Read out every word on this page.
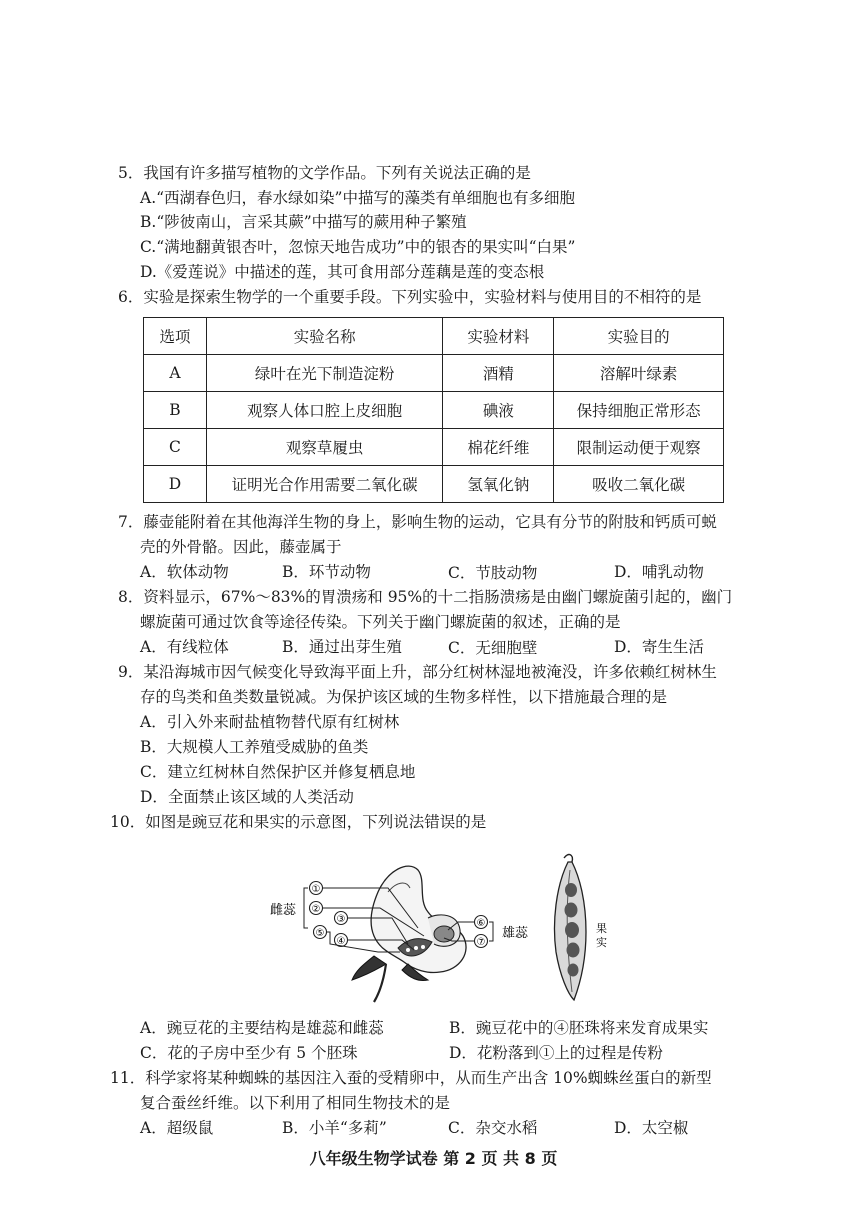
5．我国有许多描写植物的文学作品。下列有关说法正确的是
A.“西湖春色归，春水绿如染”中描写的藻类有单细胞也有多细胞
B.“陟彼南山，言采其蕨”中描写的蕨用种子繁殖
C.“满地翻黄银杏叶，忽惊天地告成功”中的银杏的果实叫“白果”
D.《爱莲说》中描述的莲，其可食用部分莲藕是莲的变态根
6．实验是探索生物学的一个重要手段。下列实验中，实验材料与使用目的不相符的是
选项	实验名称	实验材料	实验目的
A	绿叶在光下制造淀粉	酒精	溶解叶绿素
B	观察人体口腔上皮细胞	碘液	保持细胞正常形态
C	观察草履虫	棉花纤维	限制运动便于观察
D	证明光合作用需要二氧化碳	氢氧化钠	吸收二氧化碳
7．藤壶能附着在其他海洋生物的身上，影响生物的运动，它具有分节的附肢和钙质可蜕
壳的外骨骼。因此，藤壶属于
A．软体动物	B．环节动物	C．节肢动物	D．哺乳动物
8．资料显示，67%～83%的胃溃疡和 95%的十二指肠溃疡是由幽门螺旋菌引起的，幽门
螺旋菌可通过饮食等途径传染。下列关于幽门螺旋菌的叙述，正确的是
A．有线粒体	B．通过出芽生殖	C．无细胞壁	D．寄生生活
9．某沿海城市因气候变化导致海平面上升，部分红树林湿地被淹没，许多依赖红树林生
存的鸟类和鱼类数量锐减。为保护该区域的生物多样性，以下措施最合理的是
A．引入外来耐盐植物替代原有红树林
B．大规模人工养殖受威胁的鱼类
C．建立红树林自然保护区并修复栖息地
D．全面禁止该区域的人类活动
10．如图是豌豆花和果实的示意图，下列说法错误的是
①
②
③
④
⑤
雌蕊
⑥
⑦
雄蕊	果 实
A．豌豆花的主要结构是雄蕊和雌蕊	B．豌豆花中的④胚珠将来发育成果实
C．花的子房中至少有 5 个胚珠	D．花粉落到①上的过程是传粉
11．科学家将某种蜘蛛的基因注入蚕的受精卵中，从而生产出含 10%蜘蛛丝蛋白的新型
复合蚕丝纤维。以下利用了相同生物技术的是
A．超级鼠	B．小羊“多莉”	C．杂交水稻	D．太空椒
八年级生物学试卷 第 2 页 共 8 页
